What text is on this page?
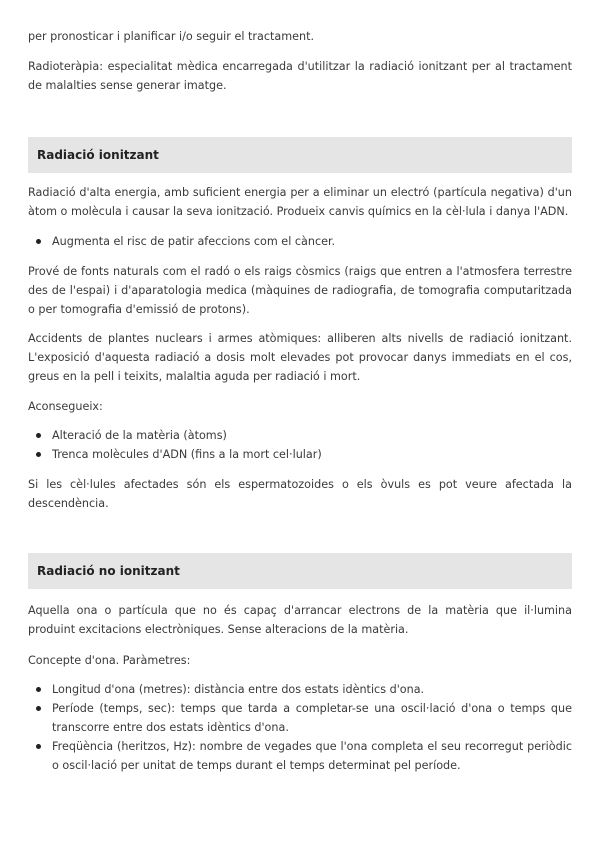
per pronosticar i planificar i/o seguir el tractament.

Radioteràpia: especialitat mèdica encarregada d'utilitzar la radiació ionitzant per al tractament de malalties sense generar imatge.

Radiació ionitzant

Radiació d'alta energia, amb suficient energia per a eliminar un electró (partícula negativa) d'un àtom o molècula i causar la seva ionització. Produeix canvis químics en la cèl·lula i danya l'ADN.

Augmenta el risc de patir afeccions com el càncer.

Prové de fonts naturals com el radó o els raigs còsmics (raigs que entren a l'atmosfera terrestre des de l'espai) i d'aparatologia medica (màquines de radiografia, de tomografia computaritzada o per tomografia d'emissió de protons).

Accidents de plantes nuclears i armes atòmiques: alliberen alts nivells de radiació ionitzant. L'exposició d'aquesta radiació a dosis molt elevades pot provocar danys immediats en el cos, greus en la pell i teixits, malaltia aguda per radiació i mort.

Aconsegueix:

Alteració de la matèria (àtoms)
Trenca molècules d'ADN (fins a la mort cel·lular)

Si les cèl·lules afectades són els espermatozoides o els òvuls es pot veure afectada la descendència.

Radiació no ionitzant

Aquella ona o partícula que no és capaç d'arrancar electrons de la matèria que il·lumina produint excitacions electròniques. Sense alteracions de la matèria.

Concepte d'ona. Paràmetres:

Longitud d'ona (metres): distància entre dos estats idèntics d'ona.
Període (temps, sec): temps que tarda a completar-se una oscil·lació d'ona o temps que transcorre entre dos estats idèntics d'ona.
Freqüència (heritzos, Hz): nombre de vegades que l'ona completa el seu recorregut periòdic o oscil·lació per unitat de temps durant el temps determinat pel període.
